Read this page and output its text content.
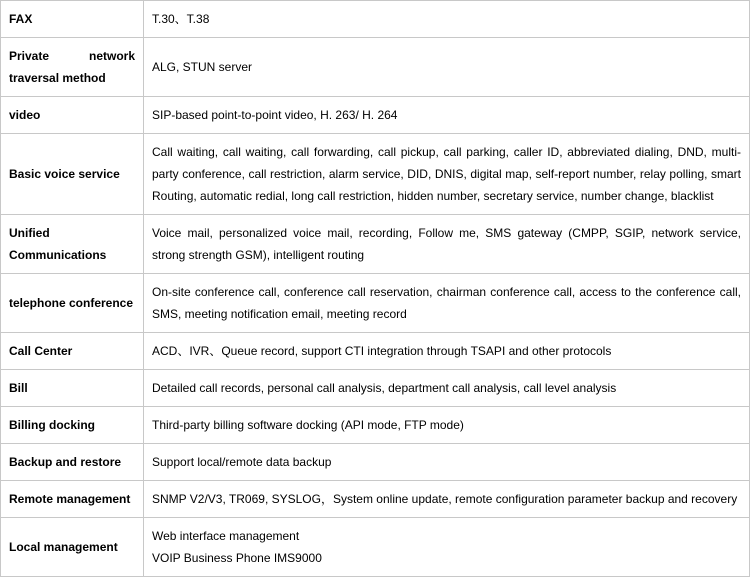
FAX	T.30、T.38
Private network traversal method	ALG, STUN server
video	SIP-based point-to-point video, H. 263/ H. 264
Basic voice service	Call waiting, call waiting, call forwarding, call pickup, call parking, caller ID, abbreviated dialing, DND, multi-party conference, call restriction, alarm service, DID, DNIS, digital map, self-report number, relay polling, smart Routing, automatic redial, long call restriction, hidden number, secretary service, number change, blacklist
Unified Communications	Voice mail, personalized voice mail, recording, Follow me, SMS gateway (CMPP, SGIP, network service, strong strength GSM), intelligent routing
telephone conference	On-site conference call, conference call reservation, chairman conference call, access to the conference call, SMS, meeting notification email, meeting record
Call Center	ACD、IVR、Queue record, support CTI integration through TSAPI and other protocols
Bill	Detailed call records, personal call analysis, department call analysis, call level analysis
Billing docking	Third-party billing software docking (API mode, FTP mode)
Backup and restore	Support local/remote data backup
Remote management	SNMP V2/V3, TR069, SYSLOG，System online update, remote configuration parameter backup and recovery
Local management	Web interface management
VOIP Business Phone IMS9000
